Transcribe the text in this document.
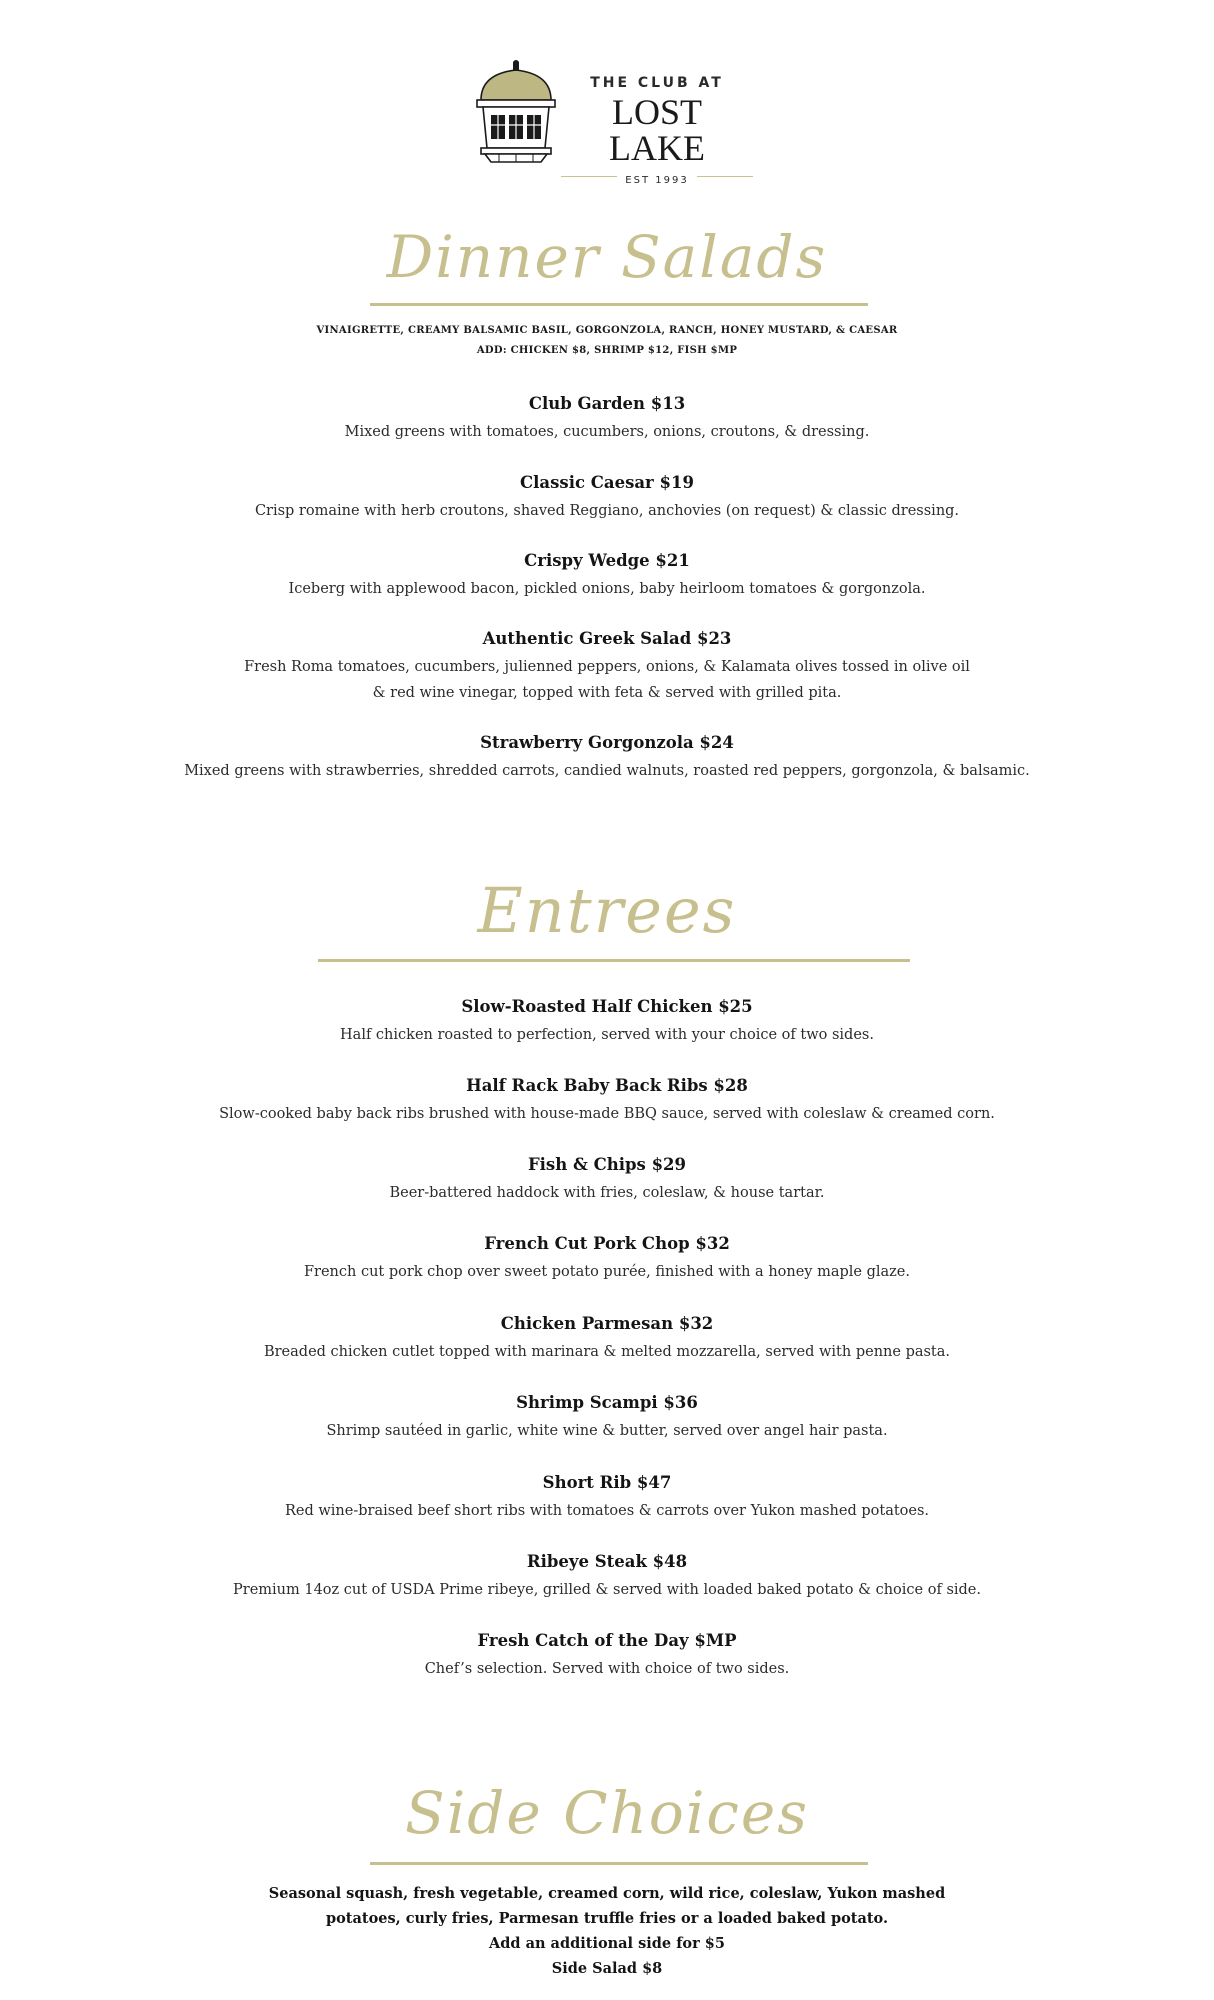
THE CLUB AT
LOST LAKE
EST 1993
Dinner Salads
VINAIGRETTE, CREAMY BALSAMIC BASIL, GORGONZOLA, RANCH, HONEY MUSTARD, & CAESAR
ADD: CHICKEN $8, SHRIMP $12, FISH $MP
Club Garden $13
Mixed greens with tomatoes, cucumbers, onions, croutons, & dressing.
Classic Caesar $19
Crisp romaine with herb croutons, shaved Reggiano, anchovies (on request) & classic dressing.
Crispy Wedge $21
Iceberg with applewood bacon, pickled onions, baby heirloom tomatoes & gorgonzola.
Authentic Greek Salad $23
Fresh Roma tomatoes, cucumbers, julienned peppers, onions, & Kalamata olives tossed in olive oil
& red wine vinegar, topped with feta & served with grilled pita.
Strawberry Gorgonzola $24
Mixed greens with strawberries, shredded carrots, candied walnuts, roasted red peppers, gorgonzola, & balsamic.
Entrees
Slow-Roasted Half Chicken $25
Half chicken roasted to perfection, served with your choice of two sides.
Half Rack Baby Back Ribs $28
Slow-cooked baby back ribs brushed with house-made BBQ sauce, served with coleslaw & creamed corn.
Fish & Chips $29
Beer-battered haddock with fries, coleslaw, & house tartar.
French Cut Pork Chop $32
French cut pork chop over sweet potato purée, finished with a honey maple glaze.
Chicken Parmesan $32
Breaded chicken cutlet topped with marinara & melted mozzarella, served with penne pasta.
Shrimp Scampi $36
Shrimp sautéed in garlic, white wine & butter, served over angel hair pasta.
Short Rib $47
Red wine-braised beef short ribs with tomatoes & carrots over Yukon mashed potatoes.
Ribeye Steak $48
Premium 14oz cut of USDA Prime ribeye, grilled & served with loaded baked potato & choice of side.
Fresh Catch of the Day $MP
Chef’s selection. Served with choice of two sides.
Side Choices
Seasonal squash, fresh vegetable, creamed corn, wild rice, coleslaw, Yukon mashed
potatoes, curly fries, Parmesan truffle fries or a loaded baked potato.
Add an additional side for $5
Side Salad $8
